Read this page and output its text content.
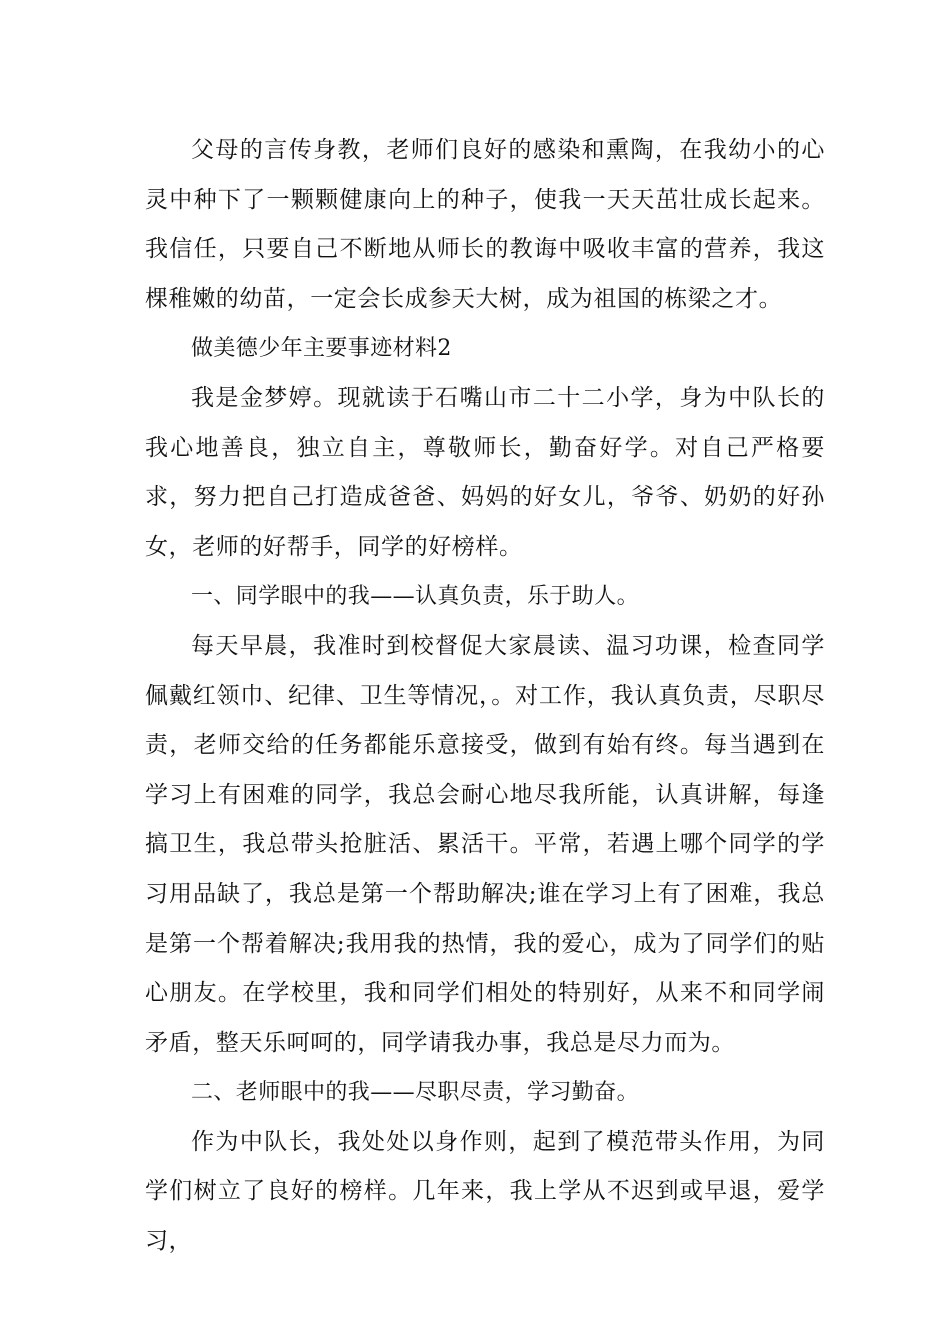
父母的言传身教，老师们良好的感染和熏陶，在我幼小的心灵中种下了一颗颗健康向上的种子，使我一天天茁壮成长起来。我信任，只要自己不断地从师长的教诲中吸收丰富的营养，我这棵稚嫩的幼苗，一定会长成参天大树，成为祖国的栋梁之才。

做美德少年主要事迹材料2

我是金梦婷。现就读于石嘴山市二十二小学，身为中队长的我心地善良，独立自主，尊敬师长，勤奋好学。对自己严格要求，努力把自己打造成爸爸、妈妈的好女儿，爷爷、奶奶的好孙女，老师的好帮手，同学的好榜样。

一、同学眼中的我——认真负责，乐于助人。

每天早晨，我准时到校督促大家晨读、温习功课，检查同学佩戴红领巾、纪律、卫生等情况，。对工作，我认真负责，尽职尽责，老师交给的任务都能乐意接受，做到有始有终。每当遇到在学习上有困难的同学，我总会耐心地尽我所能，认真讲解，每逢搞卫生，我总带头抢脏活、累活干。平常，若遇上哪个同学的学习用品缺了，我总是第一个帮助解决;谁在学习上有了困难，我总是第一个帮着解决;我用我的热情，我的爱心，成为了同学们的贴心朋友。在学校里，我和同学们相处的特别好，从来不和同学闹矛盾，整天乐呵呵的，同学请我办事，我总是尽力而为。

二、老师眼中的我——尽职尽责，学习勤奋。

作为中队长，我处处以身作则，起到了模范带头作用，为同学们树立了良好的榜样。几年来，我上学从不迟到或早退，爱学习，
